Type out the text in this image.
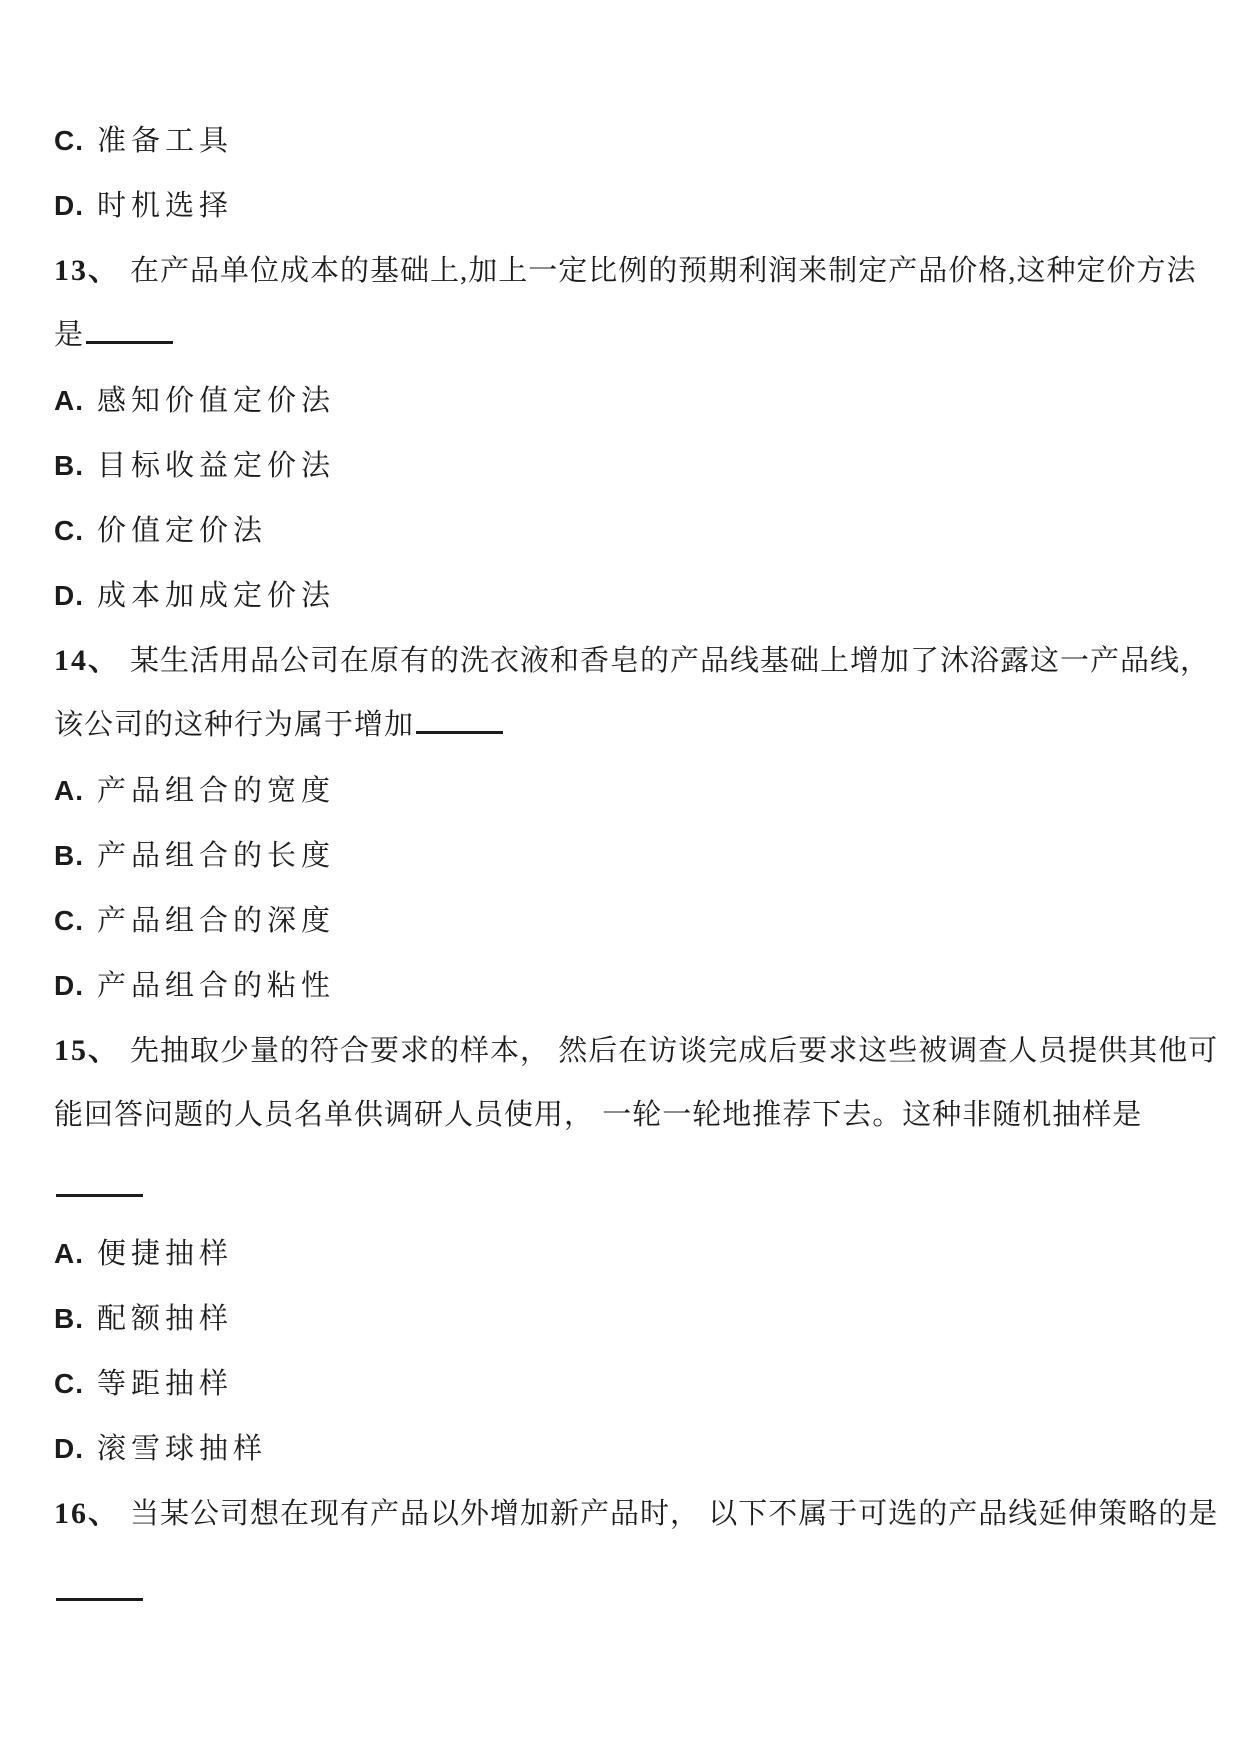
C. 准备工具
D. 时机选择
13、 在产品单位成本的基础上,加上一定比例的预期利润来制定产品价格,这种定价方法
是
A. 感知价值定价法
B. 目标收益定价法
C. 价值定价法
D. 成本加成定价法
14、 某生活用品公司在原有的洗衣液和香皂的产品线基础上增加了沐浴露这一产品线，
该公司的这种行为属于增加
A. 产品组合的宽度
B. 产品组合的长度
C. 产品组合的深度
D. 产品组合的粘性
15、 先抽取少量的符合要求的样本， 然后在访谈完成后要求这些被调查人员提供其他可
能回答问题的人员名单供调研人员使用， 一轮一轮地推荐下去。这种非随机抽样是
A. 便捷抽样
B. 配额抽样
C. 等距抽样
D. 滚雪球抽样
16、 当某公司想在现有产品以外增加新产品时， 以下不属于可选的产品线延伸策略的是
